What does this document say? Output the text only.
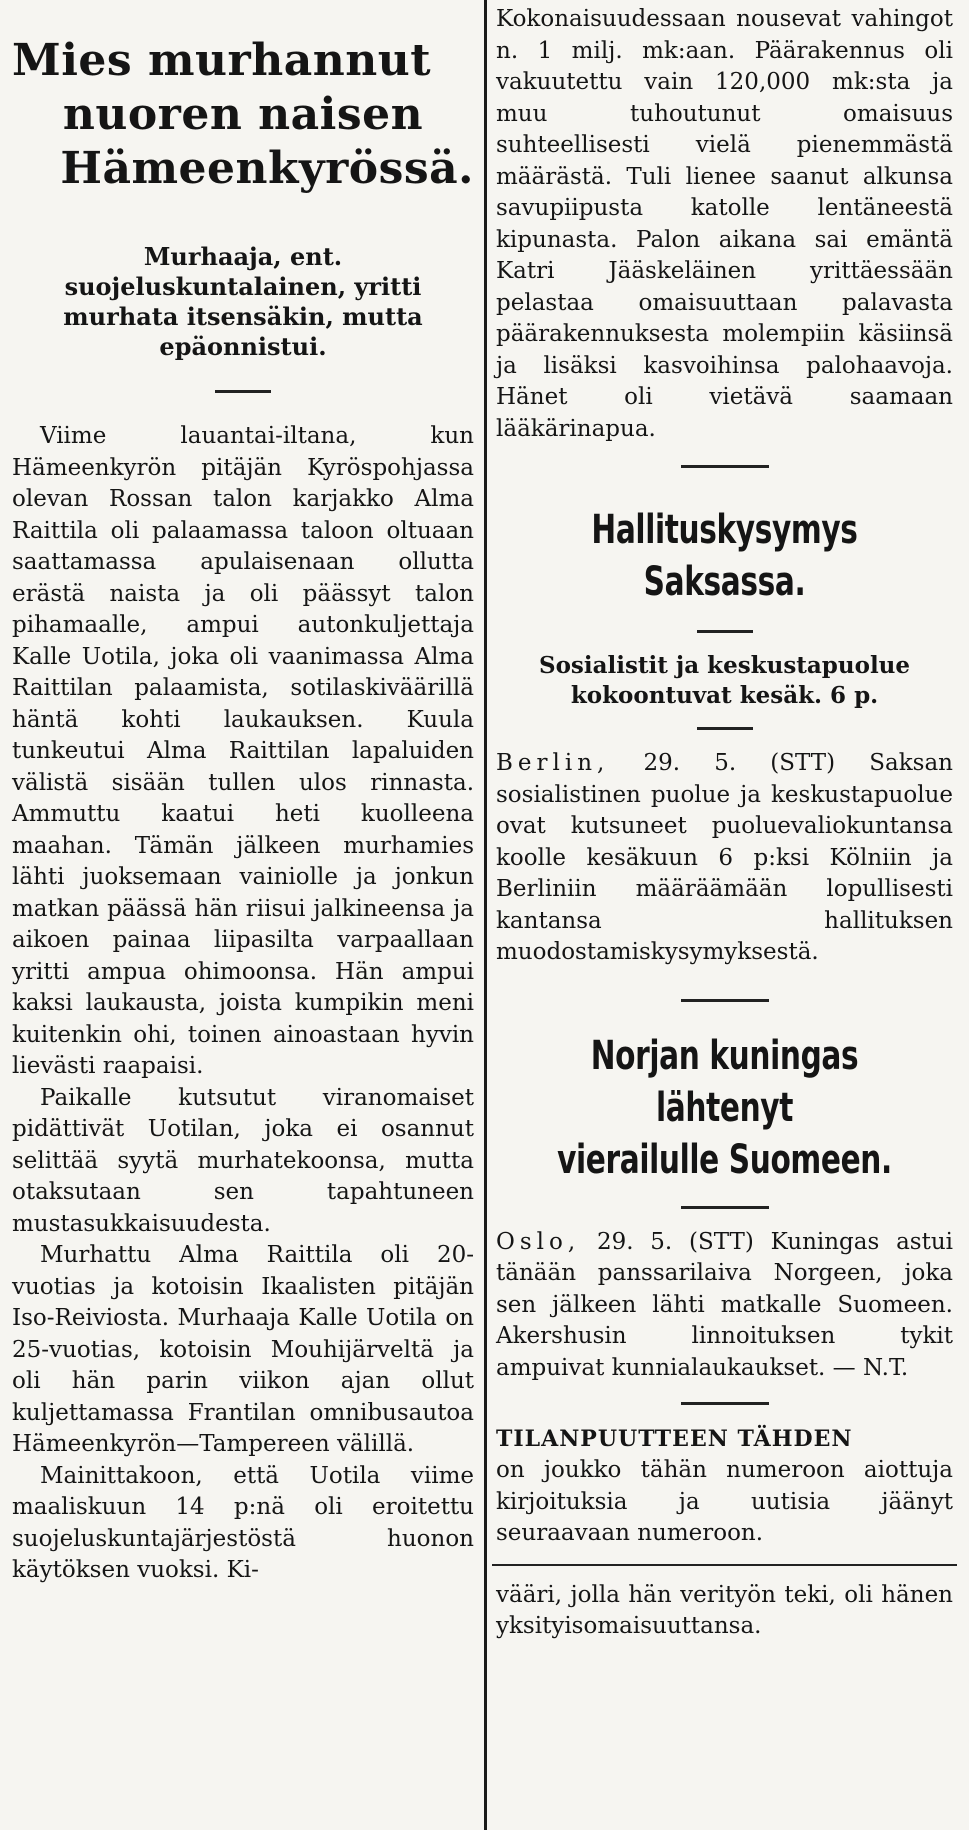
Mies murhannut
nuoren naisen
Hämeenkyrössä.
Murhaaja, ent. suojeluskuntalainen, yritti murhata itsensäkin, mutta epäonnistui.

Viime lauantai-iltana, kun Hämeenkyrön pitäjän Kyröspohjassa olevan Rossan talon karjakko Alma Raittila oli palaamassa taloon oltuaan saattamassa apulaisenaan ollutta erästä naista ja oli päässyt talon pihamaalle, ampui autonkuljettaja Kalle Uotila, joka oli vaanimassa Alma Raittilan palaamista, sotilaskiväärillä häntä kohti laukauksen. Kuula tunkeutui Alma Raittilan lapaluiden välistä sisään tullen ulos rinnasta. Ammuttu kaatui heti kuolleena maahan. Tämän jälkeen murhamies lähti juoksemaan vainiolle ja jonkun matkan päässä hän riisui jalkineensa ja aikoen painaa liipasilta varpaallaan yritti ampua ohimoonsa. Hän ampui kaksi laukausta, joista kumpikin meni kuitenkin ohi, toinen ainoastaan hyvin lievästi raapaisi.

Paikalle kutsutut viranomaiset pidättivät Uotilan, joka ei osannut selittää syytä murhatekoonsa, mutta otaksutaan sen tapahtuneen mustasukkaisuudesta.

Murhattu Alma Raittila oli 20-vuotias ja kotoisin Ikaalisten pitäjän Iso-Reiviosta. Murhaaja Kalle Uotila on 25-vuotias, kotoisin Mouhijärveltä ja oli hän parin viikon ajan ollut kuljettamassa Frantilan omnibusautoa Hämeenkyrön—Tampereen välillä.

Mainittakoon, että Uotila viime maaliskuun 14 p:nä oli eroitettu suojeluskuntajärjestöstä huonon käytöksen vuoksi. Ki-

Kokonaisuudessaan nousevat vahingot n. 1 milj. mk:aan. Päärakennus oli vakuutettu vain 120,000 mk:sta ja muu tuhoutunut omaisuus suhteellisesti vielä pienemmästä määrästä. Tuli lienee saanut alkunsa savupiipusta katolle lentäneestä kipunasta. Palon aikana sai emäntä Katri Jääskeläinen yrittäessään pelastaa omaisuuttaan palavasta päärakennuksesta molempiin käsiinsä ja lisäksi kasvoihinsa palohaavoja. Hänet oli vietävä saamaan lääkärinapua.

Hallituskysymys Saksassa.
Sosialistit ja keskustapuolue kokoontuvat kesäk. 6 p.

Berlin, 29. 5. (STT) Saksan sosialistinen puolue ja keskustapuolue ovat kutsuneet puoluevaliokuntansa koolle kesäkuun 6 p:ksi Kölniin ja Berliniin määräämään lopullisesti kantansa hallituksen muodostamiskysymyksestä.

Norjan kuningas lähtenyt
vierailulle Suomeen.

Oslo, 29. 5. (STT) Kuningas astui tänään panssarilaiva Norgeen, joka sen jälkeen lähti matkalle Suomeen. Akershusin linnoituksen tykit ampuivat kunnialaukaukset. — N.T.

TILANPUUTTEEN TÄHDEN

on joukko tähän numeroon aiottuja kirjoituksia ja uutisia jäänyt seuraavaan numeroon.

vääri, jolla hän verityön teki, oli hänen yksityisomaisuuttansa.
